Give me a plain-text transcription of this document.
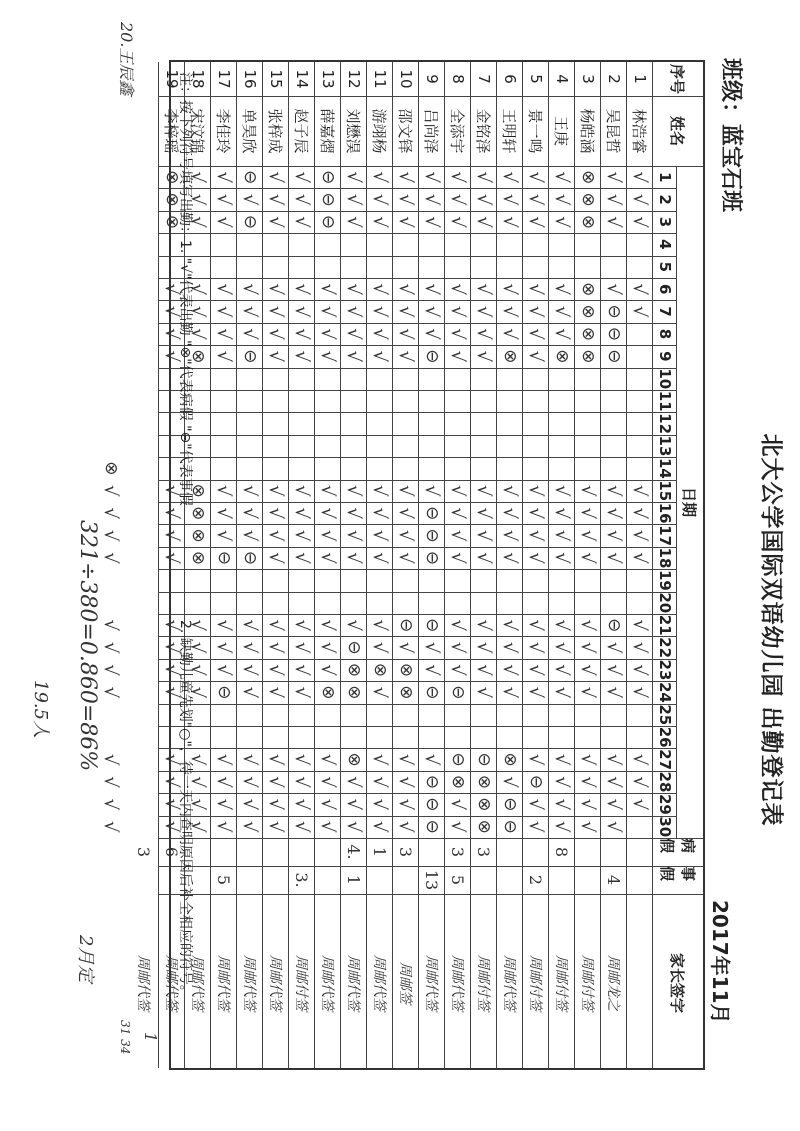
北大公学国际双语幼儿园 出勤登记表
班级：蓝宝石班
2017年11月
序号
姓名
日期
1
2
3
4
5
6
7
8
9
10
11
12
13
14
15
16
17
18
19
20
21
22
23
24
25
26
27
28
29
30
病假
事假
家长签字
1
林浩睿
√
√
√
√
√
√
√
√
√
√
√
√
√
√
√
√
2
吴昆哲
√
√
√
√
⊖
⊖
⊖
√
√
√
√
⊖
√
√
√
√
√
√
√
4
周邮龙之
3
杨皓涵
⊗
⊗
⊗
⊗
⊗
⊗
⊗
√
√
√
√
√
√
√
√
√
√
√
√
周邮付签
4
王庚
√
√
√
√
√
√
⊗
√
√
√
√
√
√
√
√
√
√
√
√
8
周邮付签
5
景一鸣
√
√
√
√
√
√
√
√
√
√
√
√
√
√
√
√
⊖
√
√
2
周邮付签
6
王明轩
√
√
√
√
√
√
⊗
√
√
√
√
√
√
√
√
⊗
√
⊖
⊖
周邮代签
7
金铭泽
√
√
√
√
√
√
√
√
√
√
√
√
√
√
√
⊖
⊗
⊗
⊗
3
周邮付签
8
全添宇
√
√
√
√
√
√
√
√
√
√
√
√
√
√
⊖
⊖
⊗
√
√
3
5
周邮代签
9
吕尚泽
√
√
√
√
√
√
⊖
√
⊖
⊖
⊖
⊖
√
√
⊖
√
⊖
⊖
⊖
13
周邮代签
10
邵文铎
√
√
√
√
√
√
√
√
√
√
√
⊖
√
⊗
⊗
√
√
√
√
3
周邮签
11
游翊杨
√
√
√
√
√
√
√
√
√
√
√
√
√
⊗
√
√
√
√
√
1
周邮代签
12
刘懋淏
√
√
√
√
√
√
√
√
√
√
√
√
⊖
⊗
⊗
⊗
√
√
√
4.
1
周邮代签
13
薛嘉熠
⊖
⊖
⊖
√
√
√
√
√
√
√
√
√
√
√
⊗
√
√
√
√
周邮代签
14
赵子辰
√
√
√
√
√
√
√
√
√
√
√
√
√
√
√
√
√
√
√
3.
周邮付签
15
张梓成
√
√
√
√
√
√
√
√
√
√
√
√
√
√
√
√
√
√
√
周邮代签
16
单昊欣
⊖
√
⊖
√
√
√
⊖
√
√
√
⊖
√
√
√
√
√
√
√
√
周邮代签
17
李佳玲
√
√
√
√
√
√
√
√
√
√
⊖
√
√
√
⊖
√
√
√
√
5
周邮代签
18
宋汶锦
√
√
√
√
√
√
⊗
⊗
⊗
⊗
⊗
√
√
√
√
√
√
√
√
周邮代签
19
李梓瑶
⊗
⊗
⊗
√
√
√
√
√
√
√
√
√
√
√
√
√
√
√
√
6
周邮代签
20.王辰鑫
⊗
√
√
√
√
√
√
√
√
√
√
√
√
3
周邮代签
注：按下列符号填写出勤：1. "√"代表出勤 "⊗"代表病假 "⊖"代表事假
2. 缺勤儿童先划"○"，待一天内查明原因后补全相应的符号。
321÷380=0.860=86%
19.5人
2月定
1
31 34
